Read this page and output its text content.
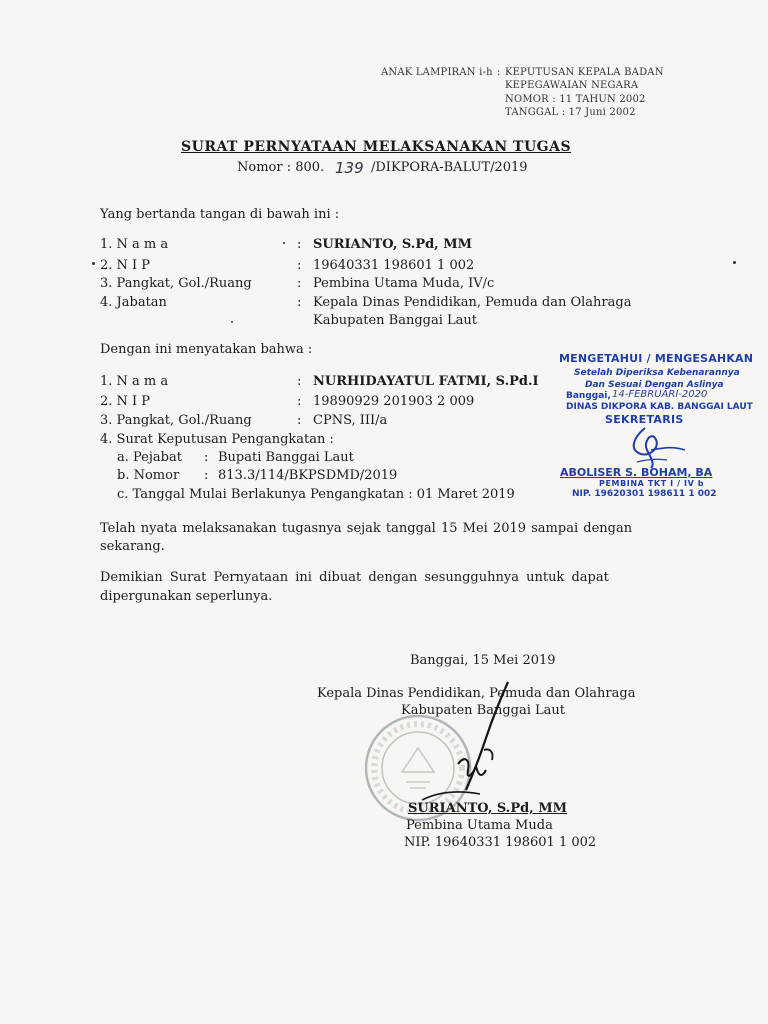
ANAK LAMPIRAN i-h : KEPUTUSAN KEPALA BADAN
KEPEGAWAIAN NEGARA
NOMOR : 11 TAHUN 2002
TANGGAL : 17 Juni 2002
SURAT PERNYATAAN MELAKSANAKAN TUGAS
Nomor : 800. 139 /DIKPORA-BALUT/2019
Yang bertanda tangan di bawah ini :
1. N a m a	: SURIANTO, S.Pd, MM
2. N I P	: 19640331 198601 1 002
3. Pangkat, Gol./Ruang	: Pembina Utama Muda, IV/c
4. Jabatan	: Kepala Dinas Pendidikan, Pemuda dan Olahraga
Kabupaten Banggai Laut
Dengan ini menyatakan bahwa :
1. N a m a	: NURHIDAYATUL FATMI, S.Pd.I
2. N I P	: 19890929 201903 2 009
3. Pangkat, Gol./Ruang	: CPNS, III/a
4. Surat Keputusan Pengangkatan :
a. Pejabat : Bupati Banggai Laut
b. Nomor : 813.3/114/BKPSDMD/2019
c. Tanggal Mulai Berlakunya Pengangkatan : 01 Maret 2019
MENGETAHUI / MENGESAHKAN
Setelah Diperiksa Kebenarannya
Dan Sesuai Dengan Aslinya
Banggai, 14-FEBRUARI-2020
DINAS DIKPORA KAB. BANGGAI LAUT
SEKRETARIS
ABOLISER S. BOHAM, BA
PEMBINA TKT I / IV b
NIP. 19620301 198611 1 002
Telah nyata melaksanakan tugasnya sejak tanggal 15 Mei 2019 sampai dengan
sekarang.
Demikian Surat Pernyataan ini dibuat dengan sesungguhnya untuk dapat
dipergunakan seperlunya.
Banggai, 15 Mei 2019
Kepala Dinas Pendidikan, Pemuda dan Olahraga
Kabupaten Banggai Laut
SURIANTO, S.Pd, MM
Pembina Utama Muda
NIP. 19640331 198601 1 002
